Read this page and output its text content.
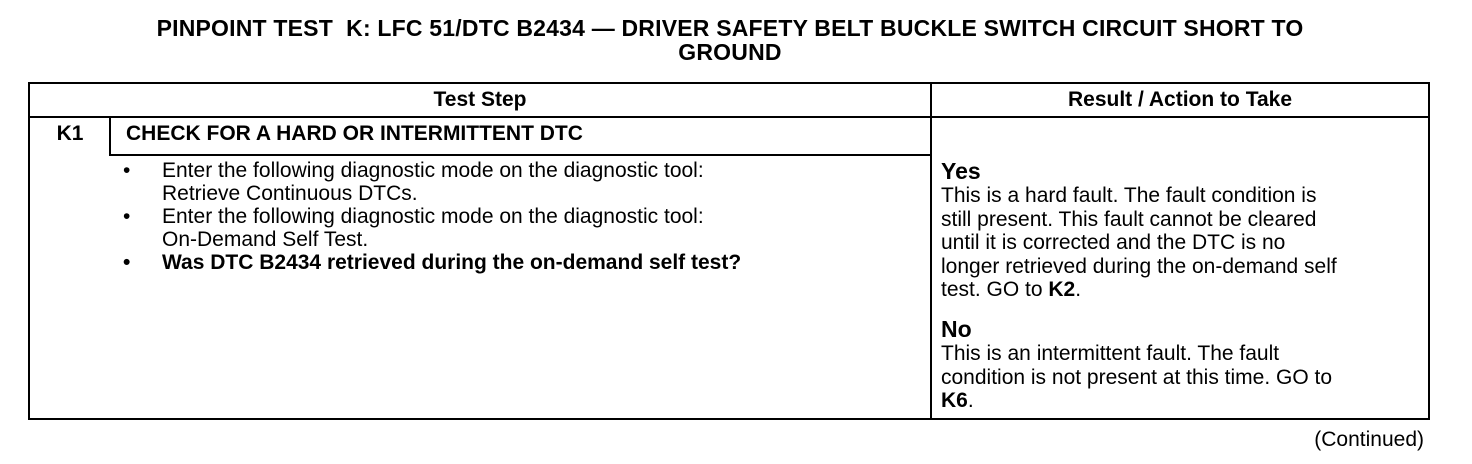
PINPOINT TEST  K: LFC 51/DTC B2434 — DRIVER SAFETY BELT BUCKLE SWITCH CIRCUIT SHORT TO
GROUND
Test Step	Result / Action to Take
K1	CHECK FOR A HARD OR INTERMITTENT DTC
• Enter the following diagnostic mode on the diagnostic tool:
Retrieve Continuous DTCs.
• Enter the following diagnostic mode on the diagnostic tool:
On-Demand Self Test.
• Was DTC B2434 retrieved during the on-demand self test?
Yes
This is a hard fault. The fault condition is
still present. This fault cannot be cleared
until it is corrected and the DTC is no
longer retrieved during the on-demand self
test. GO to K2.
No
This is an intermittent fault. The fault
condition is not present at this time. GO to
K6.
(Continued)
